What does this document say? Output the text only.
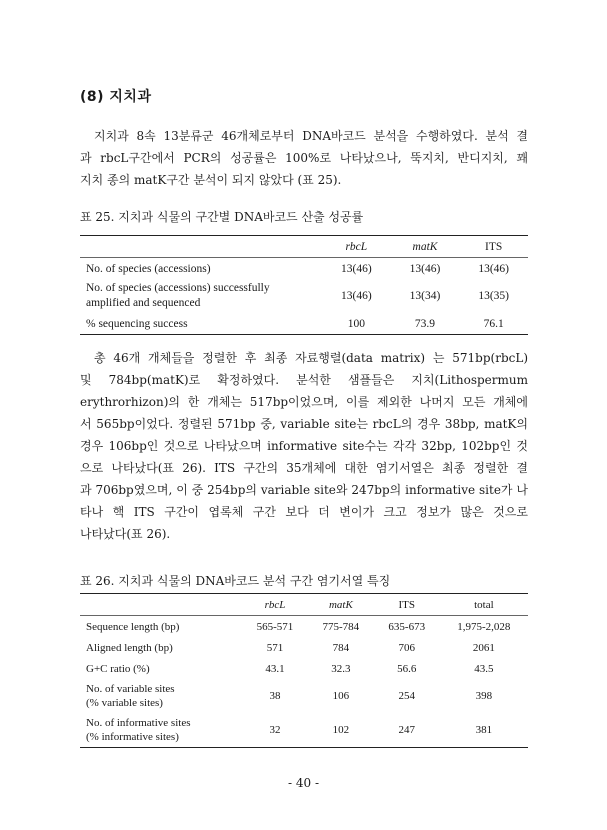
(8) 지치과
지치과 8속 13분류군 46개체로부터 DNA바코드 분석을 수행하였다. 분석 결
과 rbcL구간에서 PCR의 성공률은 100%로 나타났으나, 뚝지치, 반디지치, 꽤
지치 종의 matK구간 분석이 되지 않았다 (표 25).
표 25. 지치과 식물의 구간별 DNA바코드 산출 성공률
	rbcL	matK	ITS
No. of species (accessions)	13(46)	13(46)	13(46)
No. of species (accessions) successfully
amplified and sequenced	13(46)	13(34)	13(35)
% sequencing success	100	73.9	76.1
총 46개 개체들을 정렬한 후 최종 자료행렬(data matrix) 는 571bp(rbcL)
및 784bp(matK)로 확정하였다. 분석한 샘플들은 지치(Lithospermum
erythrorhizon)의 한 개체는 517bp이었으며, 이를 제외한 나머지 모든 개체에
서 565bp이었다. 정렬된 571bp 중, variable site는 rbcL의 경우 38bp, matK의
경우 106bp인 것으로 나타났으며 informative site수는 각각 32bp, 102bp인 것
으로 나타났다(표 26). ITS 구간의 35개체에 대한 염기서열은 최종 정렬한 결
과 706bp였으며, 이 중 254bp의 variable site와 247bp의 informative site가 나
타나 핵 ITS 구간이 엽록체 구간 보다 더 변이가 크고 정보가 많은 것으로
나타났다(표 26).
표 26. 지치과 식물의 DNA바코드 분석 구간 염기서열 특징
	rbcL	matK	ITS	total
Sequence length (bp)	565-571	775-784	635-673	1,975-2,028
Aligned length (bp)	571	784	706	2061
G+C ratio (%)	43.1	32.3	56.6	43.5
No. of variable sites
(% variable sites)	38	106	254	398
No. of informative sites
(% informative sites)	32	102	247	381
- 40 -
